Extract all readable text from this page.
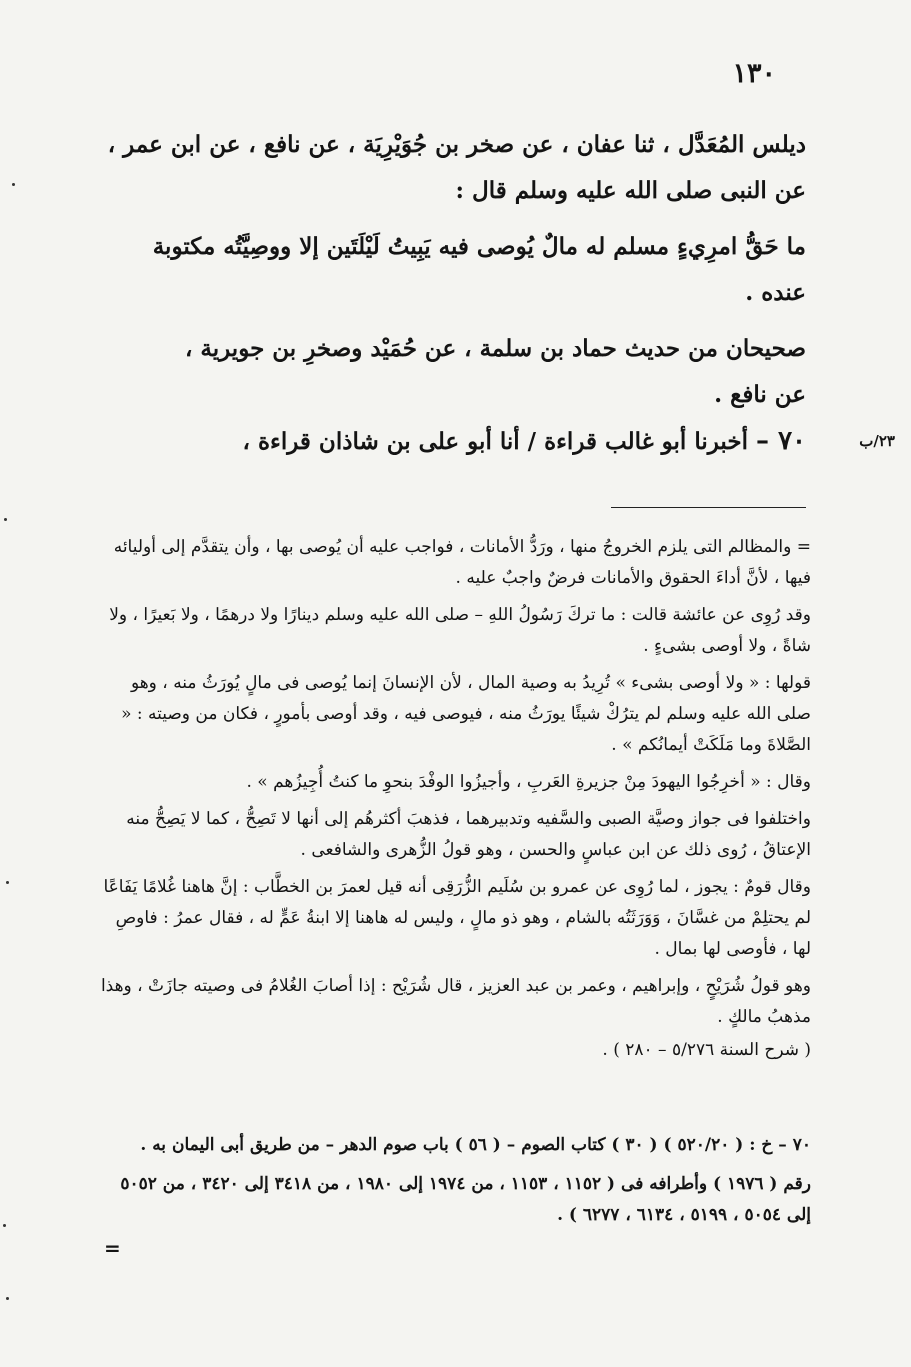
١٣٠

ديلس المُعَدَّل ، ثنا عفان ، عن صخر بن جُوَيْرِيَة ، عن نافع ، عن ابن عمر ،

عن النبى صلى الله عليه وسلم قال :

ما حَقُّ امرِيءٍ مسلم له مالٌ يُوصى فيه يَبِيتُ لَيْلَتَين إلا ووصِيَّتُه مكتوبة

عنده .

صحيحان من حديث حماد بن سلمة ، عن حُمَيْد وصخرِ بن جويرية ،

عن نافع .

٧٠ – أخبرنا أبو غالب قراءة / أنا أبو على بن شاذان قراءة ،	٢٣/ب

= والمظالم التى يلزم الخروجُ منها ، ورَدُّ الأمانات ، فواجب عليه أن يُوصى بها ، وأن يتقدَّم إلى أوليائه فيها ، لأنَّ أداءَ الحقوق والأمانات فرضٌ واجبٌ عليه .

وقد رُوِى عن عائشة قالت : ما تركَ رَسُولُ اللهِ – صلى الله عليه وسلم دينارًا ولا درهمًا ، ولا بَعيرًا ، ولا شاةً ، ولا أوصى بشىءٍ .

قولها : « ولا أوصى بشىء » تُرِيدُ به وصية المال ، لأن الإنسانَ إنما يُوصى فى مالٍ يُورَثُ منه ، وهو صلى الله عليه وسلم لم يترُكْ شيئًا يورَثُ منه ، فيوصى فيه ، وقد أوصى بأمورٍ ، فكان من وصيته : « الصَّلاةَ وما مَلَكَتْ أيمانُكم » .

وقال : « أخرِجُوا اليهودَ مِنْ جزيرةِ العَربِ ، وأجيزُوا الوفْدَ بنحوِ ما كنتُ أُجِيزُهم » .

واختلفوا فى جواز وصيَّة الصبى والسَّفيه وتدبيرهما ، فذهبَ أكثرهُم إلى أنها لا تَصِحُّ ، كما لا يَصِحُّ منه الإعتاقُ ، رُوى ذلك عن ابن عباسٍ والحسن ، وهو قولُ الزُّهرى والشافعى .

وقال قومٌ : يجوز ، لما رُوِى عن عمرو بن سُلَيم الزُّرَقِى أنه قيل لعمرَ بن الخطَّاب : إنَّ هاهنا غُلامًا يَفَاعًا لم يحتلِمْ من غسَّانَ ، وَوَرَثَتُه بالشام ، وهو ذو مالٍ ، وليس له هاهنا إلا ابنةُ عَمٍّ له ، فقال عمرُ : فاوصِ لها ، فأوصى لها بمال .

وهو قولُ شُرَيْحٍ ، وإبراهيم ، وعمر بن عبد العزيز ، قال شُرَيْح : إذا أصابَ الغُلامُ فى وصيته جازَتْ ، وهذا مذهبُ مالكٍ .

( شرح السنة ٥/٢٧٦ – ٢٨٠ ) .

٧٠ – خ : ( ٥٢٠/٢٠ ) ( ٣٠ ) كتاب الصوم – ( ٥٦ ) باب صوم الدهر – من طريق أبى اليمان به .

رقم ( ١٩٧٦ ) وأطرافه فى ( ١١٥٢ ، ١١٥٣ ، من ١٩٧٤ إلى ١٩٨٠ ، من ٣٤١٨ إلى ٣٤٢٠ ، من ٥٠٥٢ إلى ٥٠٥٤ ، ٥١٩٩ ، ٦١٣٤ ، ٦٢٧٧ ) .

=
